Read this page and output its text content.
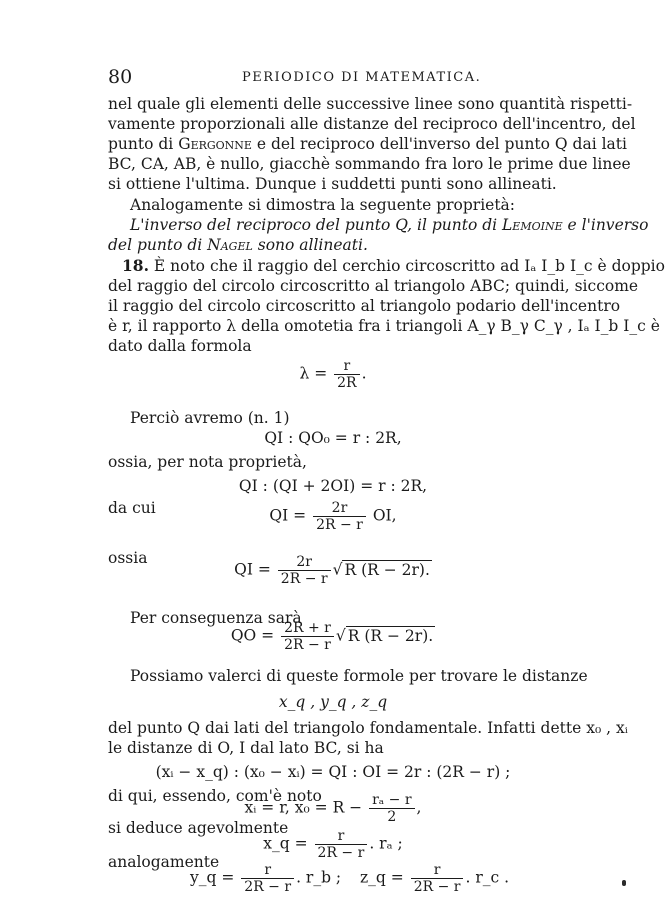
80	PERIODICO DI MATEMATICA.
nel quale gli elementi delle successive linee sono quantità rispetti-
vamente proporzionali alle distanze del reciproco dell'incentro, del
punto di Gergonne e del reciproco dell'inverso del punto Q dai lati
BC, CA, AB, è nullo, giacchè sommando fra loro le prime due linee
si ottiene l'ultima. Dunque i suddetti punti sono allineati.
Analogamente si dimostra la seguente proprietà:
L'inverso del reciproco del punto Q, il punto di Lemoine e l'inverso
del punto di Nagel sono allineati.
18. È noto che il raggio del cerchio circoscritto ad Iₐ I_b I_c è doppio
del raggio del circolo circoscritto al triangolo ABC; quindi, siccome
il raggio del circolo circoscritto al triangolo podario dell'incentro
è r, il rapporto λ della omotetia fra i triangoli A_γ B_γ C_γ , Iₐ I_b I_c è
dato dalla formola
$\lambda = \frac{r}{2R}$ .
Perciò avremo (n. 1)
QI : QO₀ = r : 2R,
ossia, per nota proprietà,
QI : (QI + 2OI) = r : 2R,
da cui	QI = $\frac{2r}{2R - r}$ OI,
ossia
QI = $\frac{2r}{2R - r}$ √ R (R − 2r).
Per conseguenza sarà
QO = $\frac{2R + r}{2R - r}$ √ R (R − 2r).
Possiamo valerci di queste formole per trovare le distanze
x_q , y_q , z_q
del punto Q dai lati del triangolo fondamentale. Infatti dette x₀ , xᵢ
le distanze di O, I dal lato BC, si ha
(xᵢ − x_q) : (x₀ − xᵢ) = QI : OI = 2r : (2R − r) ;
di qui, essendo, com'è noto
xᵢ = r, $x_0 = R - \frac{\text{rₐ − r}}{2}$ ,
si deduce agevolmente
x_q = $\frac{r}{2R - r}$ . rₐ ;
analogamente
y_q = $\frac{r}{2R - r}$ . r_b ;	z_q = $\frac{r}{2R - r}$ . r_c .
